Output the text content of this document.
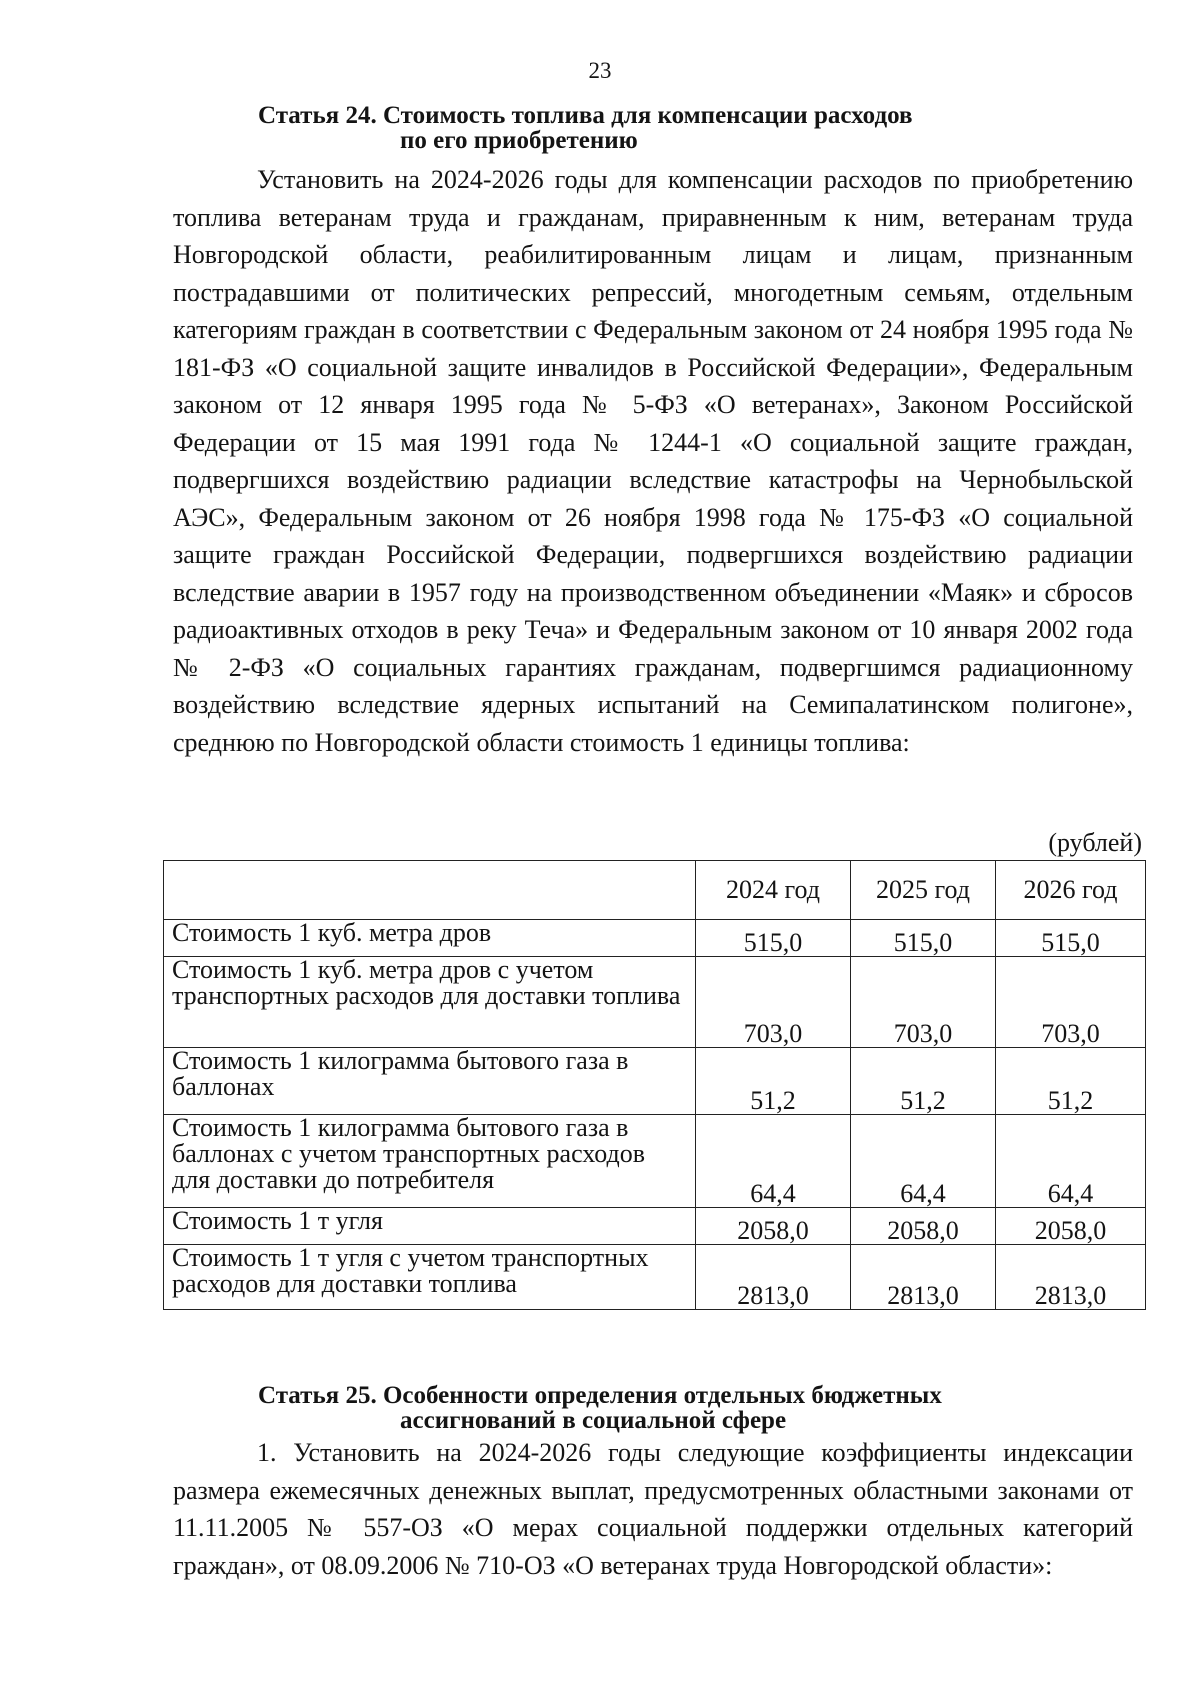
23
Статья 24. Стоимость топлива для компенсации расходов
по его приобретению

Установить на 2024-2026 годы для компенсации расходов по приобретению топлива ветеранам труда и гражданам, приравненным к ним, ветеранам труда Новгородской области, реабилитированным лицам и лицам, признанным пострадавшими от политических репрессий, многодетным семьям, отдельным категориям граждан в соответствии с Федеральным законом от 24 ноября 1995 года № 181-ФЗ «О социальной защите инвалидов в Российской Федерации», Федеральным законом от 12 января 1995 года № 5-ФЗ «О ветеранах», Законом Российской Федерации от 15 мая 1991 года № 1244-1 «О социальной защите граждан, подвергшихся воздействию радиации вследствие катастрофы на Чернобыльской АЭС», Федеральным законом от 26 ноября 1998 года № 175-ФЗ «О социальной защите граждан Российской Федерации, подвергшихся воздействию радиации вследствие аварии в 1957 году на производственном объединении «Маяк» и сбросов радиоактивных отходов в реку Теча» и Федеральным законом от 10 января 2002 года № 2-ФЗ «О социальных гарантиях гражданам, подвергшимся радиационному воздействию вследствие ядерных испытаний на Семипалатинском полигоне», среднюю по Новгородской области стоимость 1 единицы топлива:

(рублей)
	2024 год	2025 год	2026 год
Стоимость 1 куб. метра дров	515,0	515,0	515,0
Стоимость 1 куб. метра дров с учетом транспортных расходов для доставки топлива	703,0	703,0	703,0
Стоимость 1 килограмма бытового газа в баллонах	51,2	51,2	51,2
Стоимость 1 килограмма бытового газа в баллонах с учетом транспортных расходов для доставки до потребителя	64,4	64,4	64,4
Стоимость 1 т угля	2058,0	2058,0	2058,0
Стоимость 1 т угля с учетом транспортных расходов для доставки топлива	2813,0	2813,0	2813,0
Статья 25. Особенности определения отдельных бюджетных
ассигнований в социальной сфере

1. Установить на 2024-2026 годы следующие коэффициенты индексации размера ежемесячных денежных выплат, предусмотренных областными законами от 11.11.2005 № 557-ОЗ «О мерах социальной поддержки отдельных категорий граждан», от 08.09.2006 № 710-ОЗ «О ветеранах труда Новгородской области»:
